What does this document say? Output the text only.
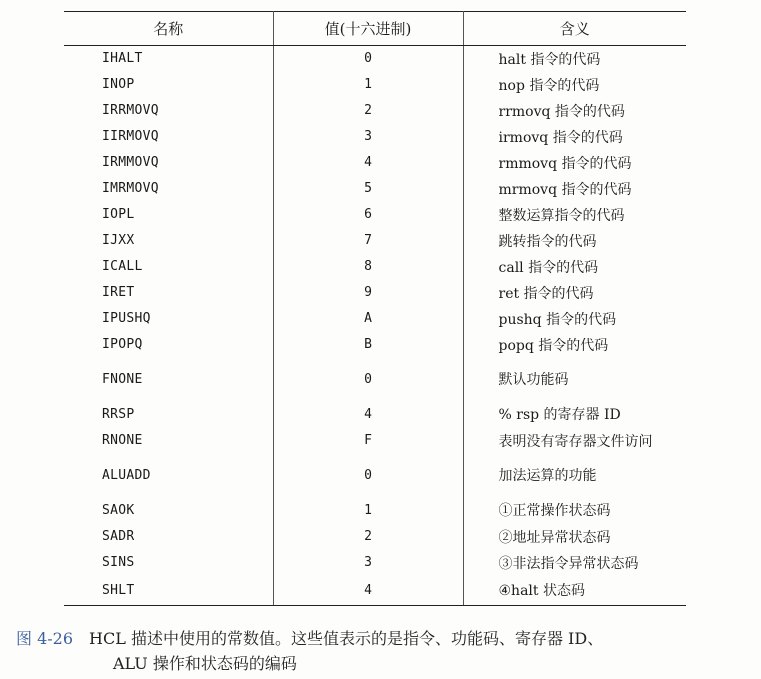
名称	值(十六进制)	含义
IHALT	0	halt 指令的代码
INOP	1	nop 指令的代码
IRRMOVQ	2	rrmovq 指令的代码
IIRMOVQ	3	irmovq 指令的代码
IRMMOVQ	4	rmmovq 指令的代码
IMRMOVQ	5	mrmovq 指令的代码
IOPL	6	整数运算指令的代码
IJXX	7	跳转指令的代码
ICALL	8	call 指令的代码
IRET	9	ret 指令的代码
IPUSHQ	A	pushq 指令的代码
IPOPQ	B	popq 指令的代码
FNONE	0	默认功能码
RRSP	4	% rsp 的寄存器 ID
RNONE	F	表明没有寄存器文件访问
ALUADD	0	加法运算的功能
SAOK	1	①正常操作状态码
SADR	2	②地址异常状态码
SINS	3	③非法指令异常状态码
SHLT	4	④halt 状态码
图 4-26 HCL 描述中使用的常数值。这些值表示的是指令、功能码、寄存器 ID、
ALU 操作和状态码的编码
